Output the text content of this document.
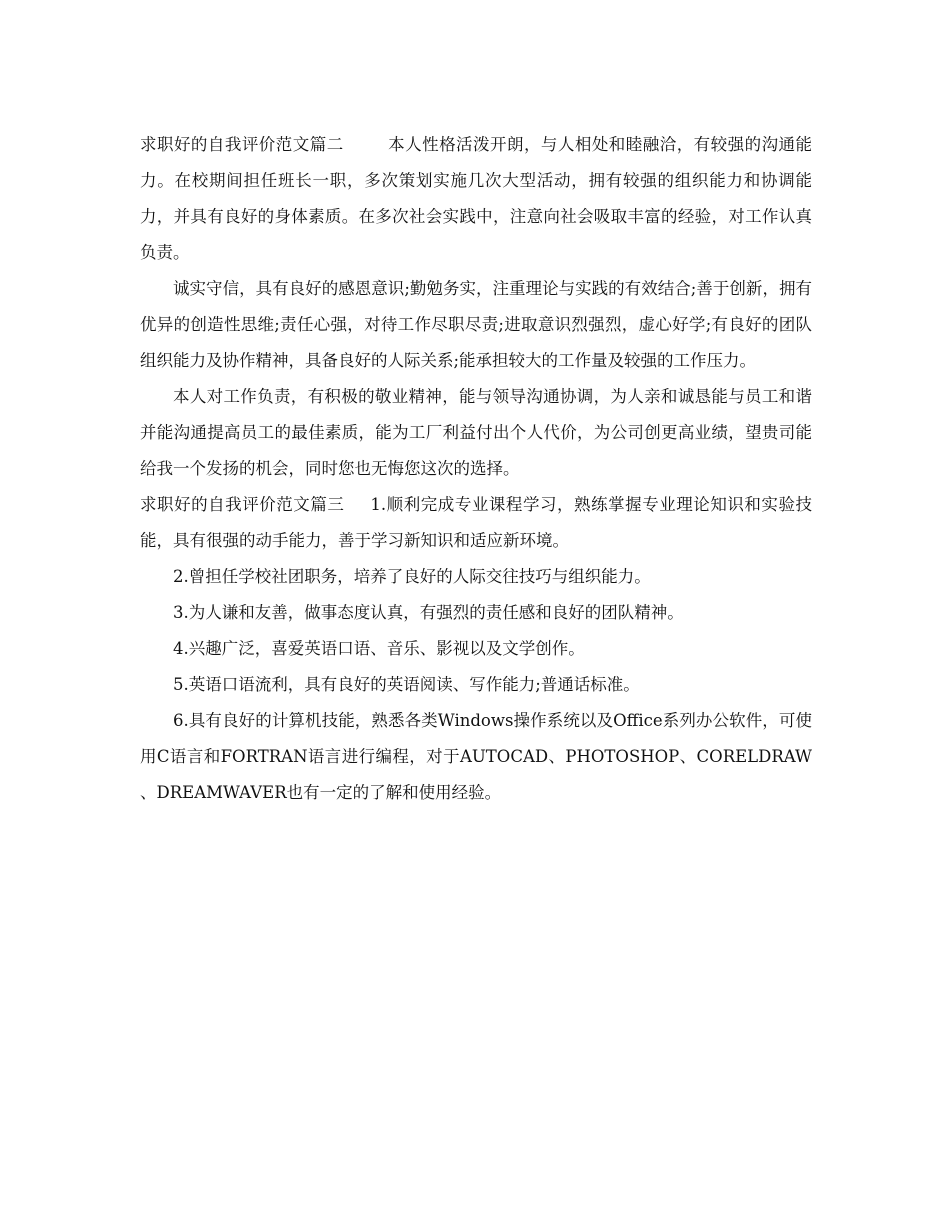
求职好的自我评价范文篇二	本人性格活泼开朗，与人相处和睦融洽，有较强的沟通能力。在校期间担任班长一职，多次策划实施几次大型活动，拥有较强的组织能力和协调能力，并具有良好的身体素质。在多次社会实践中，注意向社会吸取丰富的经验，对工作认真负责。

诚实守信，具有良好的感恩意识;勤勉务实，注重理论与实践的有效结合;善于创新，拥有优异的创造性思维;责任心强，对待工作尽职尽责;进取意识烈强烈，虚心好学;有良好的团队组织能力及协作精神，具备良好的人际关系;能承担较大的工作量及较强的工作压力。

本人对工作负责，有积极的敬业精神，能与领导沟通协调，为人亲和诚恳能与员工和谐并能沟通提高员工的最佳素质，能为工厂利益付出个人代价，为公司创更高业绩，望贵司能给我一个发扬的机会，同时您也无悔您这次的选择。

求职好的自我评价范文篇三 1.顺利完成专业课程学习，熟练掌握专业理论知识和实验技能，具有很强的动手能力，善于学习新知识和适应新环境。

2.曾担任学校社团职务，培养了良好的人际交往技巧与组织能力。

3.为人谦和友善，做事态度认真，有强烈的责任感和良好的团队精神。

4.兴趣广泛，喜爱英语口语、音乐、影视以及文学创作。

5.英语口语流利，具有良好的英语阅读、写作能力;普通话标准。

6.具有良好的计算机技能，熟悉各类Windows操作系统以及Office系列办公软件，可使用C语言和FORTRAN语言进行编程，对于AUTOCAD、PHOTOSHOP、CORELDRAW 、DREAMWAVER也有一定的了解和使用经验。
